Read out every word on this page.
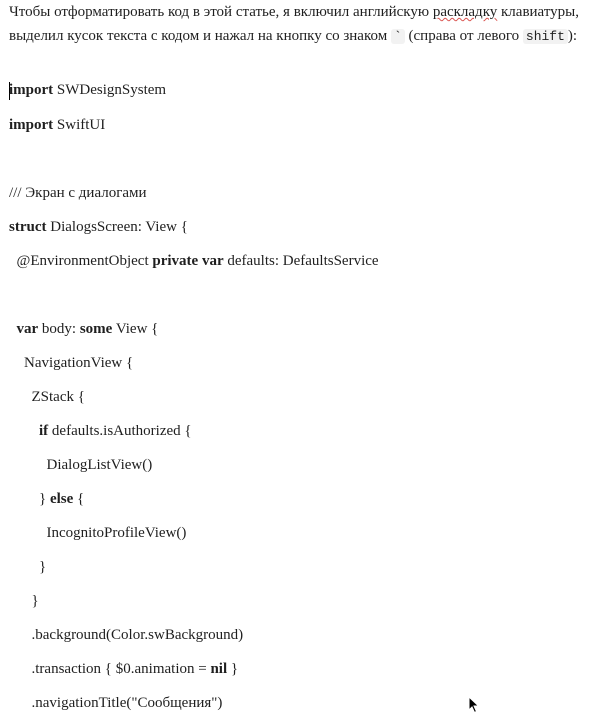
Чтобы отформатировать код в этой статье, я включил английскую раскладку клавиатуры, выделил кусок текста с кодом и нажал на кнопку со знаком ` (справа от левого shift ):

import SWDesignSystem
import SwiftUI
/// Экран с диалогами
struct DialogsScreen: View {
@EnvironmentObject private var defaults: DefaultsService
var body: some View {
NavigationView {
ZStack {
if defaults.isAuthorized {
DialogListView()
} else {
IncognitoProfileView()
}
}
.background(Color.swBackground)
.transaction { $0.animation = nil }
.navigationTitle("Сообщения")
